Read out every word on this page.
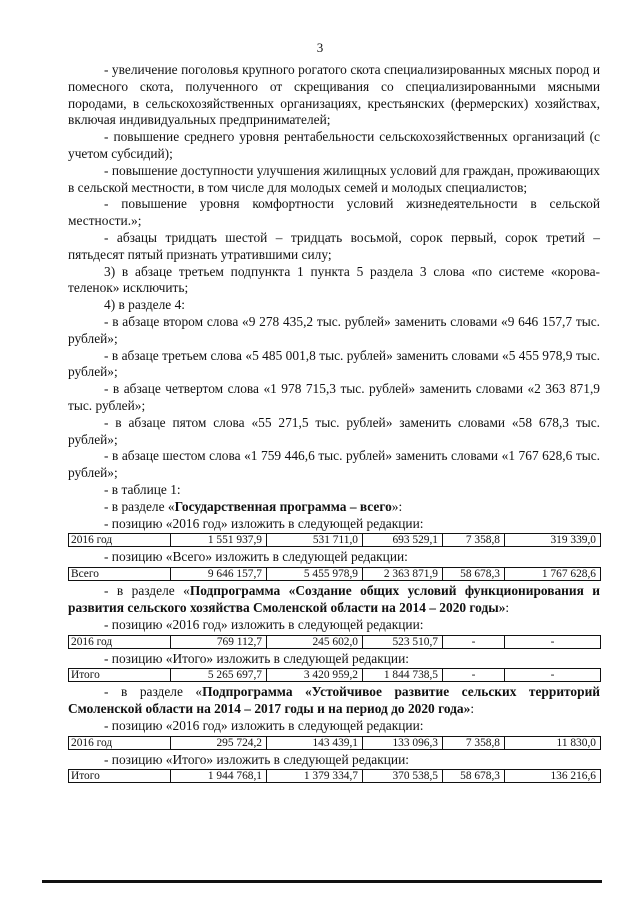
3

- увеличение поголовья крупного рогатого скота специализированных мясных пород и помесного скота, полученного от скрещивания со специализированными мясными породами, в сельскохозяйственных организациях, крестьянских (фермерских) хозяйствах, включая индивидуальных предпринимателей;

- повышение среднего уровня рентабельности сельскохозяйственных организаций (с учетом субсидий);

- повышение доступности улучшения жилищных условий для граждан, проживающих в сельской местности, в том числе для молодых семей и молодых специалистов;

- повышение уровня комфортности условий жизнедеятельности в сельской местности.»;

- абзацы тридцать шестой – тридцать восьмой, сорок первый, сорок третий – пятьдесят пятый признать утратившими силу;

3) в абзаце третьем подпункта 1 пункта 5 раздела 3 слова «по системе «корова-теленок» исключить;

4) в разделе 4:

- в абзаце втором слова «9 278 435,2 тыс. рублей» заменить словами «9 646 157,7 тыс. рублей»;

- в абзаце третьем слова «5 485 001,8 тыс. рублей» заменить словами «5 455 978,9 тыс. рублей»;

- в абзаце четвертом слова «1 978 715,3 тыс. рублей» заменить словами «2 363 871,9 тыс. рублей»;

- в абзаце пятом слова «55 271,5 тыс. рублей» заменить словами «58 678,3 тыс. рублей»;

- в абзаце шестом слова «1 759 446,6 тыс. рублей» заменить словами «1 767 628,6 тыс. рублей»;

- в таблице 1:

- в разделе «Государственная программа – всего»:

- позицию «2016 год» изложить в следующей редакции:

2016 год	1 551 937,9	531 711,0	693 529,1	7 358,8	319 339,0

- позицию «Всего» изложить в следующей редакции:

Всего	9 646 157,7	5 455 978,9	2 363 871,9	58 678,3	1 767 628,6

- в разделе «Подпрограмма «Создание общих условий функционирования и развития сельского хозяйства Смоленской области на 2014 – 2020 годы»:

- позицию «2016 год» изложить в следующей редакции:

2016 год	769 112,7	245 602,0	523 510,7	-	-

- позицию «Итого» изложить в следующей редакции:

Итого	5 265 697,7	3 420 959,2	1 844 738,5	-	-

- в разделе «Подпрограмма «Устойчивое развитие сельских территорий Смоленской области на 2014 – 2017 годы и на период до 2020 года»:

- позицию «2016 год» изложить в следующей редакции:

2016 год	295 724,2	143 439,1	133 096,3	7 358,8	11 830,0

- позицию «Итого» изложить в следующей редакции:

Итого	1 944 768,1	1 379 334,7	370 538,5	58 678,3	136 216,6
